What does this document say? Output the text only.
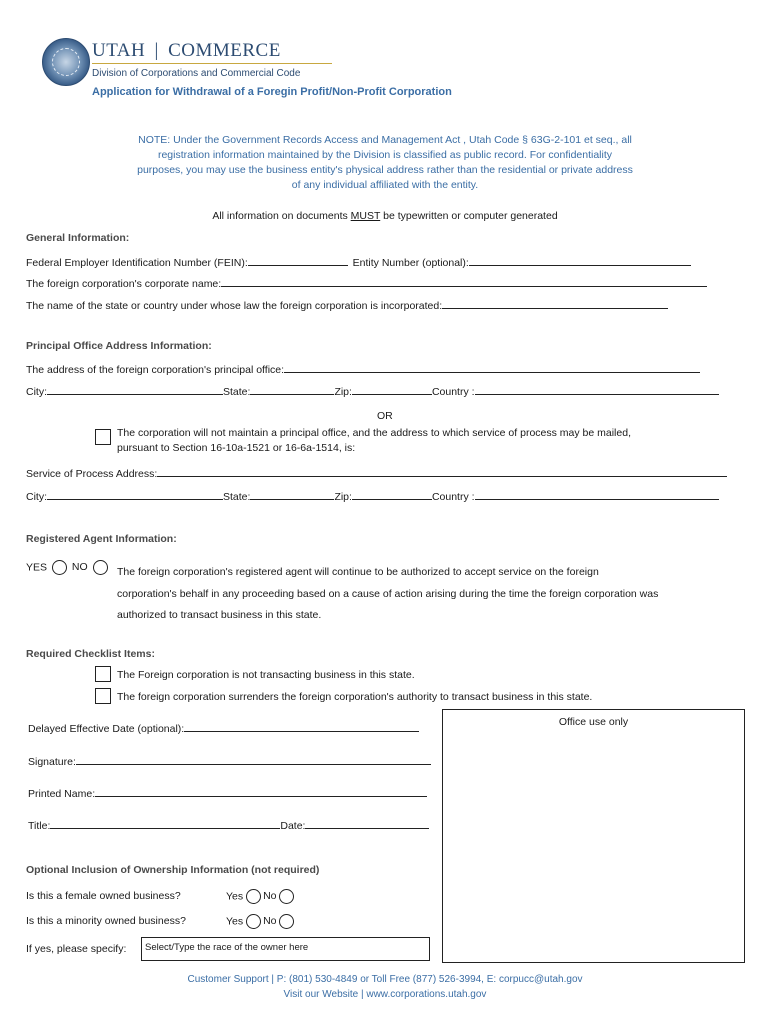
UTAH | COMMERCE
Division of Corporations and Commercial Code
Application for Withdrawal of a Foregin Profit/Non-Profit Corporation
NOTE: Under the Government Records Access and Management Act , Utah Code § 63G-2-101 et seq., all
registration information maintained by the Division is classified as public record. For confidentiality
purposes, you may use the business entity's physical address rather than the residential or private address
of any individual affiliated with the entity.
All information on documents MUST be typewritten or computer generated
General Information:
Federal Employer Identification Number (FEIN):	Entity Number (optional):
The foreign corporation's corporate name:
The name of the state or country under whose law the foreign corporation is incorporated:
Principal Office Address Information:
The address of the foreign corporation's principal office:
City:	State:	Zip:	Country :
OR
The corporation will not maintain a principal office, and the address to which service of process may be mailed,
pursuant to Section 16-10a-1521 or 16-6a-1514, is:
Service of Process Address:
City:	State:	Zip:	Country :
Registered Agent Information:
YES NO	The foreign corporation's registered agent will continue to be authorized to accept service on the foreign
corporation's behalf in any proceeding based on a cause of action arising during the time the foreign corporation was
authorized to transact business in this state.
Required Checklist Items:
The Foreign corporation is not transacting business in this state.
The foreign corporation surrenders the foreign corporation's authority to transact business in this state.
Delayed Effective Date (optional):
Signature:
Printed Name:
Title:	Date:
Office use only
Optional Inclusion of Ownership Information (not required)
Is this a female owned business?	Yes No
Is this a minority owned business?	Yes No
If yes, please specify: Select/Type the race of the owner here
Customer Support | P: (801) 530-4849 or Toll Free (877) 526-3994, E: corpucc@utah.gov
Visit our Website | www.corporations.utah.gov
